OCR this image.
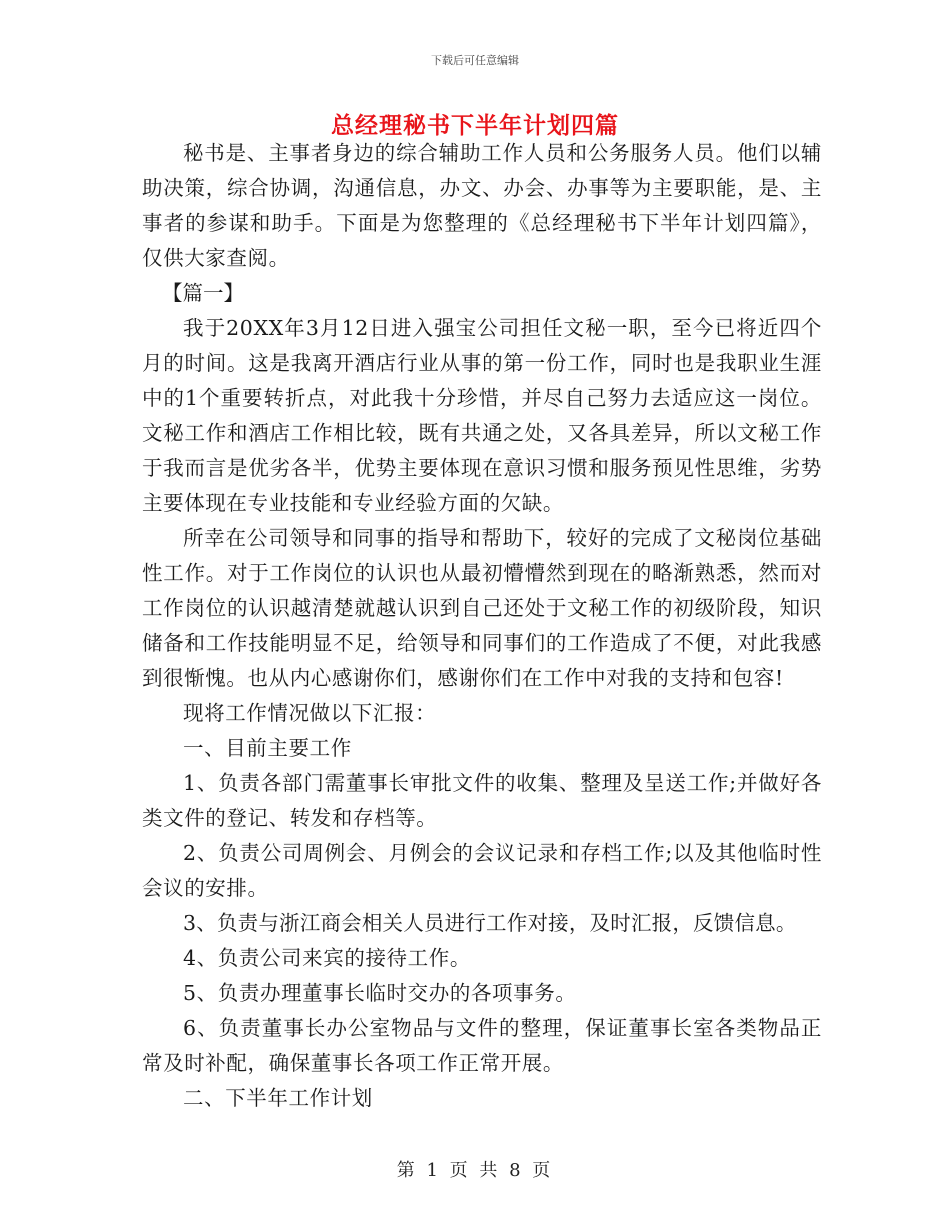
下载后可任意编辑
总经理秘书下半年计划四篇

秘书是、主事者身边的综合辅助工作人员和公务服务人员。他们以辅助决策，综合协调，沟通信息，办文、办会、办事等为主要职能，是、主事者的参谋和助手。下面是为您整理的《总经理秘书下半年计划四篇》，仅供大家查阅。

【篇一】

我于20XX年3月12日进入强宝公司担任文秘一职，至今已将近四个月的时间。这是我离开酒店行业从事的第一份工作，同时也是我职业生涯中的1个重要转折点，对此我十分珍惜，并尽自己努力去适应这一岗位。文秘工作和酒店工作相比较，既有共通之处，又各具差异，所以文秘工作于我而言是优劣各半，优势主要体现在意识习惯和服务预见性思维，劣势主要体现在专业技能和专业经验方面的欠缺。

所幸在公司领导和同事的指导和帮助下，较好的完成了文秘岗位基础性工作。对于工作岗位的认识也从最初懵懵然到现在的略渐熟悉，然而对工作岗位的认识越清楚就越认识到自己还处于文秘工作的初级阶段，知识储备和工作技能明显不足，给领导和同事们的工作造成了不便，对此我感到很惭愧。也从内心感谢你们，感谢你们在工作中对我的支持和包容!

现将工作情况做以下汇报：

一、目前主要工作

1、负责各部门需董事长审批文件的收集、整理及呈送工作;并做好各类文件的登记、转发和存档等。

2、负责公司周例会、月例会的会议记录和存档工作;以及其他临时性会议的安排。

3、负责与浙江商会相关人员进行工作对接，及时汇报，反馈信息。

4、负责公司来宾的接待工作。

5、负责办理董事长临时交办的各项事务。

6、负责董事长办公室物品与文件的整理，保证董事长室各类物品正常及时补配，确保董事长各项工作正常开展。

二、下半年工作计划

第 1 页 共 8 页
